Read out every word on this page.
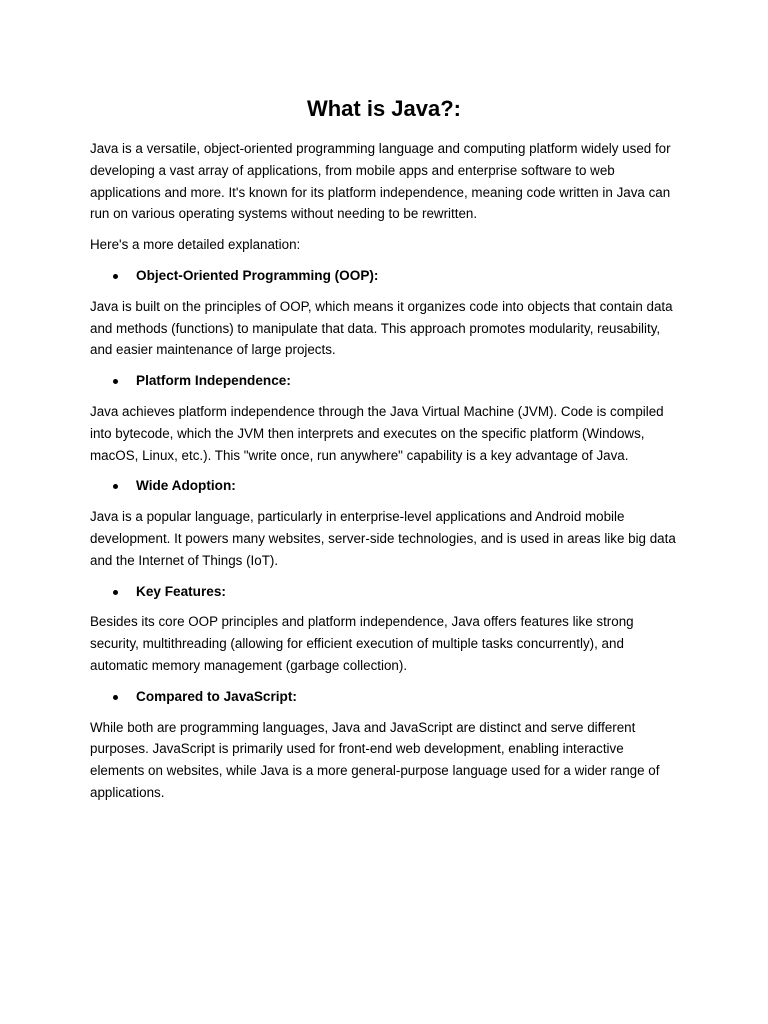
What is Java?:

Java is a versatile, object-oriented programming language and computing platform widely used for developing a vast array of applications, from mobile apps and enterprise software to web applications and more. It's known for its platform independence, meaning code written in Java can run on various operating systems without needing to be rewritten.

Here's a more detailed explanation:

Object-Oriented Programming (OOP):

Java is built on the principles of OOP, which means it organizes code into objects that contain data and methods (functions) to manipulate that data. This approach promotes modularity, reusability, and easier maintenance of large projects.

Platform Independence:

Java achieves platform independence through the Java Virtual Machine (JVM). Code is compiled into bytecode, which the JVM then interprets and executes on the specific platform (Windows, macOS, Linux, etc.). This "write once, run anywhere" capability is a key advantage of Java.

Wide Adoption:

Java is a popular language, particularly in enterprise-level applications and Android mobile development. It powers many websites, server-side technologies, and is used in areas like big data and the Internet of Things (IoT).

Key Features:

Besides its core OOP principles and platform independence, Java offers features like strong security, multithreading (allowing for efficient execution of multiple tasks concurrently), and automatic memory management (garbage collection).

Compared to JavaScript:

While both are programming languages, Java and JavaScript are distinct and serve different purposes. JavaScript is primarily used for front-end web development, enabling interactive elements on websites, while Java is a more general-purpose language used for a wider range of applications.
